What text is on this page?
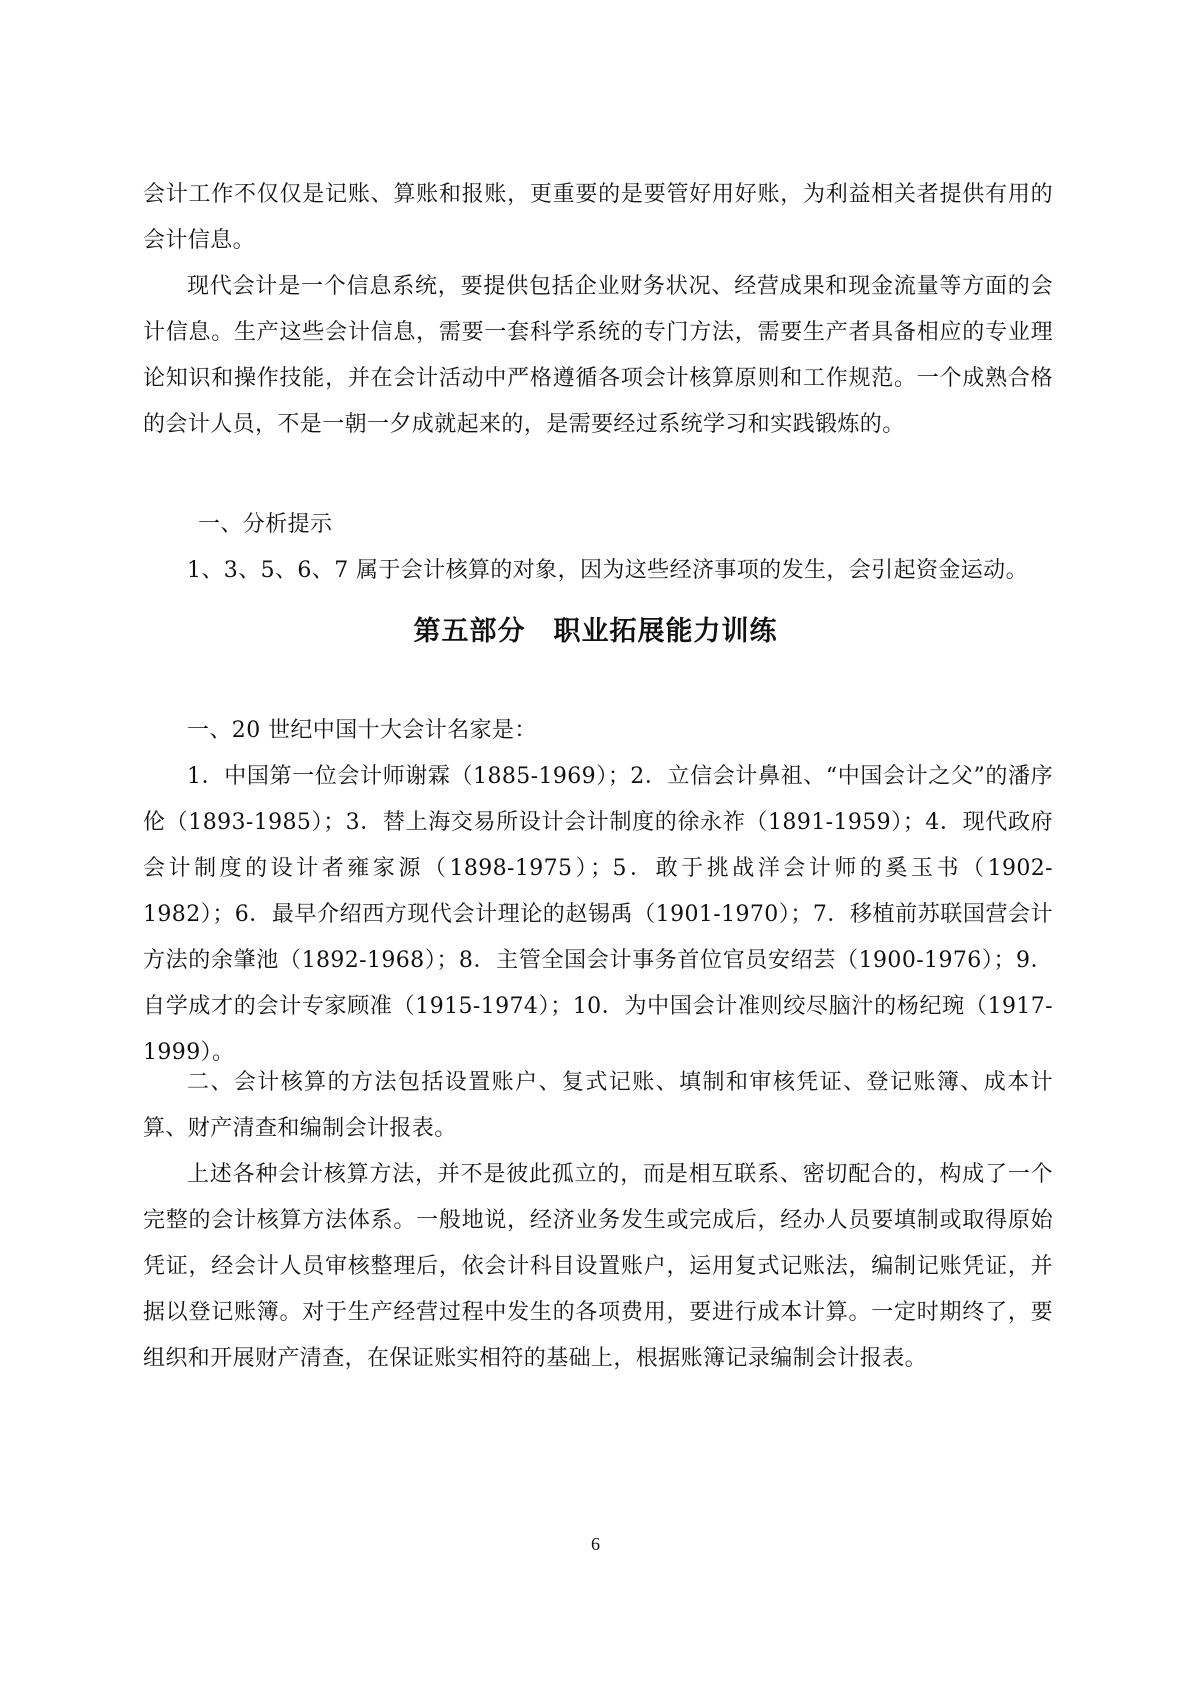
会计工作不仅仅是记账、算账和报账，更重要的是要管好用好账，为利益相关者提供有用的会计信息。

现代会计是一个信息系统，要提供包括企业财务状况、经营成果和现金流量等方面的会计信息。生产这些会计信息，需要一套科学系统的专门方法，需要生产者具备相应的专业理论知识和操作技能，并在会计活动中严格遵循各项会计核算原则和工作规范。一个成熟合格的会计人员，不是一朝一夕成就起来的，是需要经过系统学习和实践锻炼的。

一、分析提示

1、3、5、6、7 属于会计核算的对象，因为这些经济事项的发生，会引起资金运动。

第五部分　职业拓展能力训练

一、20 世纪中国十大会计名家是：

1．中国第一位会计师谢霖（1885-1969）；2．立信会计鼻祖、“中国会计之父”的潘序伦（1893-1985）；3．替上海交易所设计会计制度的徐永祚（1891-1959）；4．现代政府会计制度的设计者雍家源（1898-1975）；5．敢于挑战洋会计师的奚玉书（1902-1982）；6．最早介绍西方现代会计理论的赵锡禹（1901-1970）；7．移植前苏联国营会计方法的余肇池（1892-1968）；8．主管全国会计事务首位官员安绍芸（1900-1976）；9．自学成才的会计专家顾准（1915-1974）；10．为中国会计准则绞尽脑汁的杨纪琬（1917-1999）。

二、会计核算的方法包括设置账户、复式记账、填制和审核凭证、登记账簿、成本计算、财产清查和编制会计报表。

上述各种会计核算方法，并不是彼此孤立的，而是相互联系、密切配合的，构成了一个完整的会计核算方法体系。一般地说，经济业务发生或完成后，经办人员要填制或取得原始凭证，经会计人员审核整理后，依会计科目设置账户，运用复式记账法，编制记账凭证，并据以登记账簿。对于生产经营过程中发生的各项费用，要进行成本计算。一定时期终了，要组织和开展财产清查，在保证账实相符的基础上，根据账簿记录编制会计报表。

6
